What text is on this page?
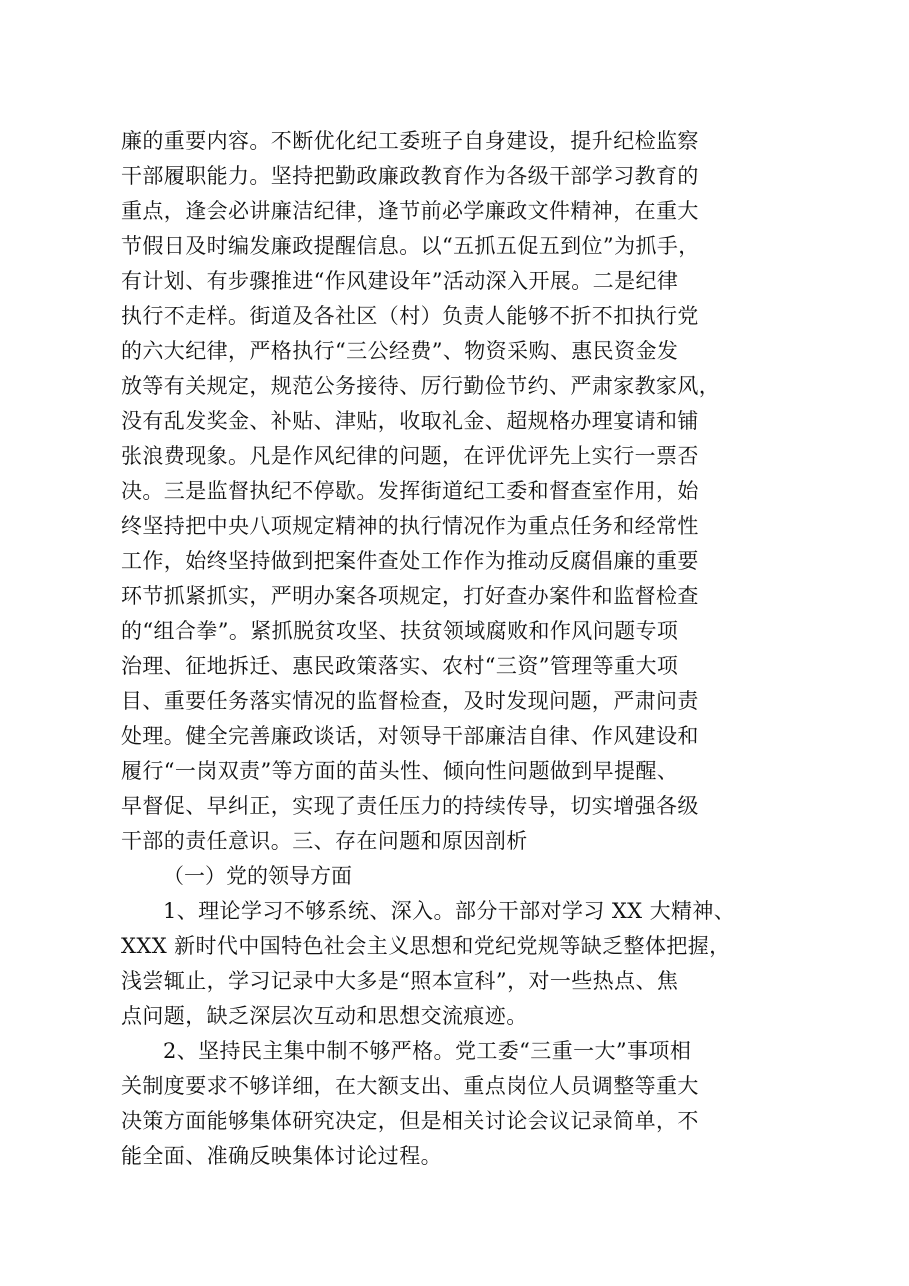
廉的重要内容。不断优化纪工委班子自身建设，提升纪检监察
干部履职能力。坚持把勤政廉政教育作为各级干部学习教育的
重点，逢会必讲廉洁纪律，逢节前必学廉政文件精神，在重大
节假日及时编发廉政提醒信息。以“五抓五促五到位”为抓手，
有计划、有步骤推进“作风建设年”活动深入开展。二是纪律
执行不走样。街道及各社区（村）负责人能够不折不扣执行党
的六大纪律，严格执行“三公经费”、物资采购、惠民资金发
放等有关规定，规范公务接待、厉行勤俭节约、严肃家教家风，
没有乱发奖金、补贴、津贴，收取礼金、超规格办理宴请和铺
张浪费现象。凡是作风纪律的问题，在评优评先上实行一票否
决。三是监督执纪不停歇。发挥街道纪工委和督查室作用，始
终坚持把中央八项规定精神的执行情况作为重点任务和经常性
工作，始终坚持做到把案件查处工作作为推动反腐倡廉的重要
环节抓紧抓实，严明办案各项规定，打好查办案件和监督检查
的“组合拳”。紧抓脱贫攻坚、扶贫领域腐败和作风问题专项
治理、征地拆迁、惠民政策落实、农村“三资”管理等重大项
目、重要任务落实情况的监督检查，及时发现问题，严肃问责
处理。健全完善廉政谈话，对领导干部廉洁自律、作风建设和
履行“一岗双责”等方面的苗头性、倾向性问题做到早提醒、
早督促、早纠正，实现了责任压力的持续传导，切实增强各级
干部的责任意识。三、存在问题和原因剖析
（一）党的领导方面
1、理论学习不够系统、深入。部分干部对学习 XX 大精神、
XXX 新时代中国特色社会主义思想和党纪党规等缺乏整体把握，
浅尝辄止，学习记录中大多是“照本宣科”，对一些热点、焦
点问题，缺乏深层次互动和思想交流痕迹。
2、坚持民主集中制不够严格。党工委“三重一大”事项相
关制度要求不够详细，在大额支出、重点岗位人员调整等重大
决策方面能够集体研究决定，但是相关讨论会议记录简单，不
能全面、准确反映集体讨论过程。
